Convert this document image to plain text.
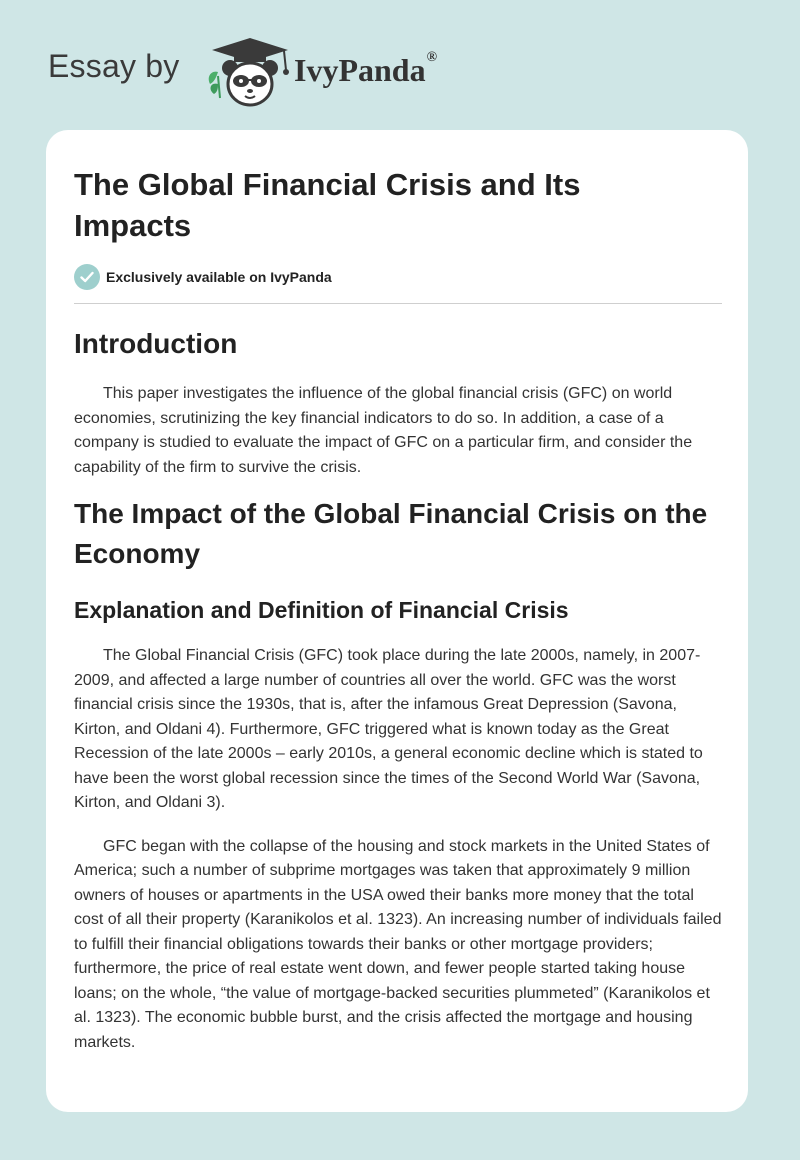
Essay by	IvyPanda®
The Global Financial Crisis and Its Impacts
Exclusively available on IvyPanda
Introduction

This paper investigates the influence of the global financial crisis (GFC) on world economies, scrutinizing the key financial indicators to do so. In addition, a case of a company is studied to evaluate the impact of GFC on a particular firm, and consider the capability of the firm to survive the crisis.

The Impact of the Global Financial Crisis on the Economy
Explanation and Definition of Financial Crisis

The Global Financial Crisis (GFC) took place during the late 2000s, namely, in 2007-2009, and affected a large number of countries all over the world. GFC was the worst financial crisis since the 1930s, that is, after the infamous Great Depression (Savona, Kirton, and Oldani 4). Furthermore, GFC triggered what is known today as the Great Recession of the late 2000s – early 2010s, a general economic decline which is stated to have been the worst global recession since the times of the Second World War (Savona, Kirton, and Oldani 3).

GFC began with the collapse of the housing and stock markets in the United States of America; such a number of subprime mortgages was taken that approximately 9 million owners of houses or apartments in the USA owed their banks more money that the total cost of all their property (Karanikolos et al. 1323). An increasing number of individuals failed to fulfill their financial obligations towards their banks or other mortgage providers; furthermore, the price of real estate went down, and fewer people started taking house loans; on the whole, “the value of mortgage-backed securities plummeted” (Karanikolos et al. 1323). The economic bubble burst, and the crisis affected the mortgage and housing markets.
